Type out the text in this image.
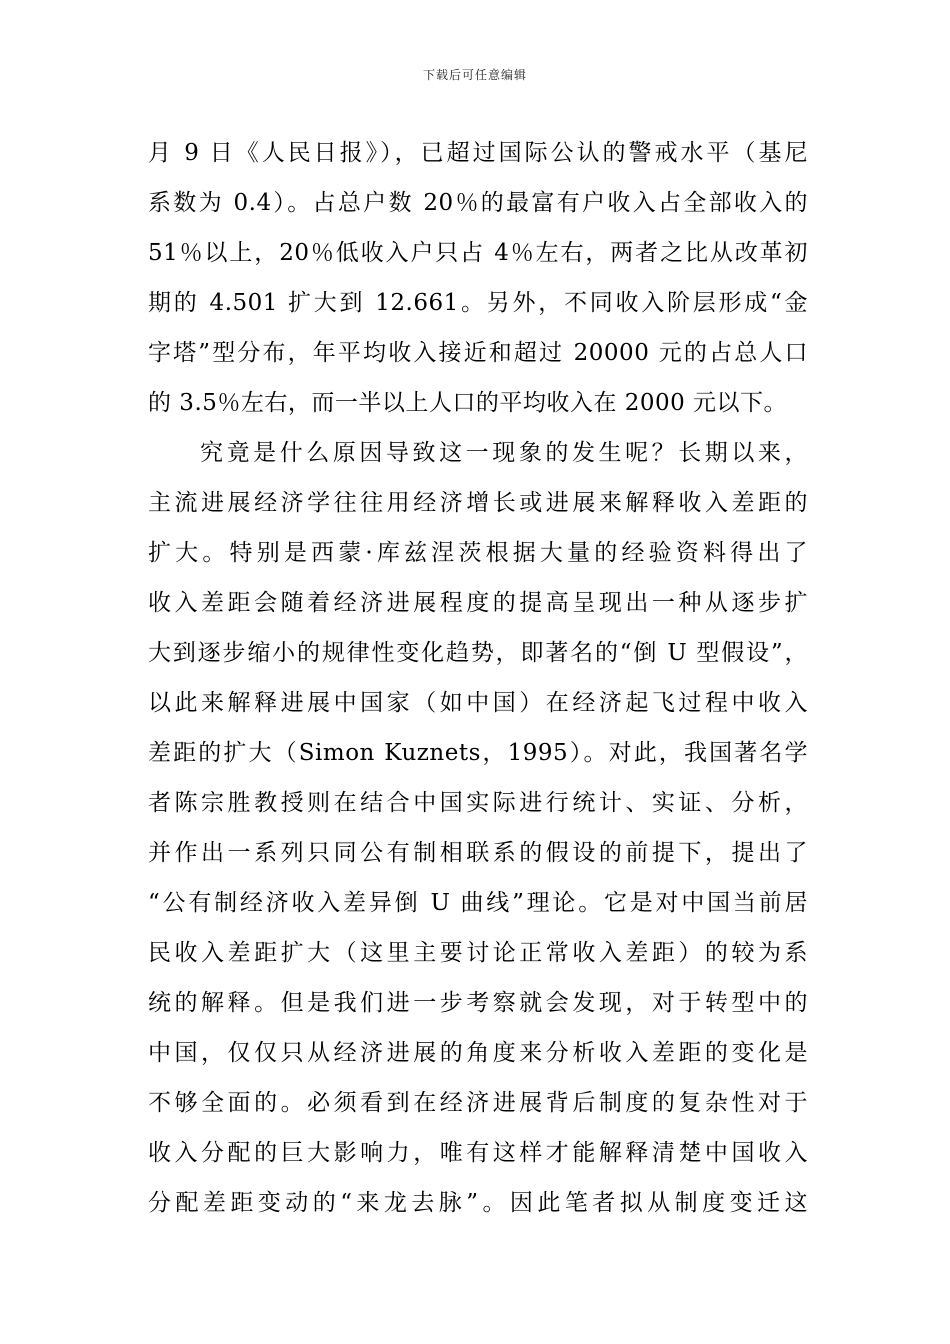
下载后可任意编辑
月 9 日《人民日报》），已超过国际公认的警戒水平（基尼
系数为 0.4）。占总户数 20％的最富有户收入占全部收入的
51％以上，20％低收入户只占 4％左右，两者之比从改革初
期的 4.501 扩大到 12.661。另外，不同收入阶层形成“金
字塔”型分布，年平均收入接近和超过 20000 元的占总人口
的 3.5％左右，而一半以上人口的平均收入在 2000 元以下。
究竟是什么原因导致这一现象的发生呢？长期以来，
主流进展经济学往往用经济增长或进展来解释收入差距的
扩大。特别是西蒙·库兹涅茨根据大量的经验资料得出了
收入差距会随着经济进展程度的提高呈现出一种从逐步扩
大到逐步缩小的规律性变化趋势，即著名的“倒 U 型假设”，
以此来解释进展中国家（如中国）在经济起飞过程中收入
差距的扩大（Simon Kuznets，1995）。对此，我国著名学
者陈宗胜教授则在结合中国实际进行统计、实证、分析，
并作出一系列只同公有制相联系的假设的前提下，提出了
“公有制经济收入差异倒 U 曲线”理论。它是对中国当前居
民收入差距扩大（这里主要讨论正常收入差距）的较为系
统的解释。但是我们进一步考察就会发现，对于转型中的
中国，仅仅只从经济进展的角度来分析收入差距的变化是
不够全面的。必须看到在经济进展背后制度的复杂性对于
收入分配的巨大影响力，唯有这样才能解释清楚中国收入
分配差距变动的“来龙去脉”。因此笔者拟从制度变迁这
